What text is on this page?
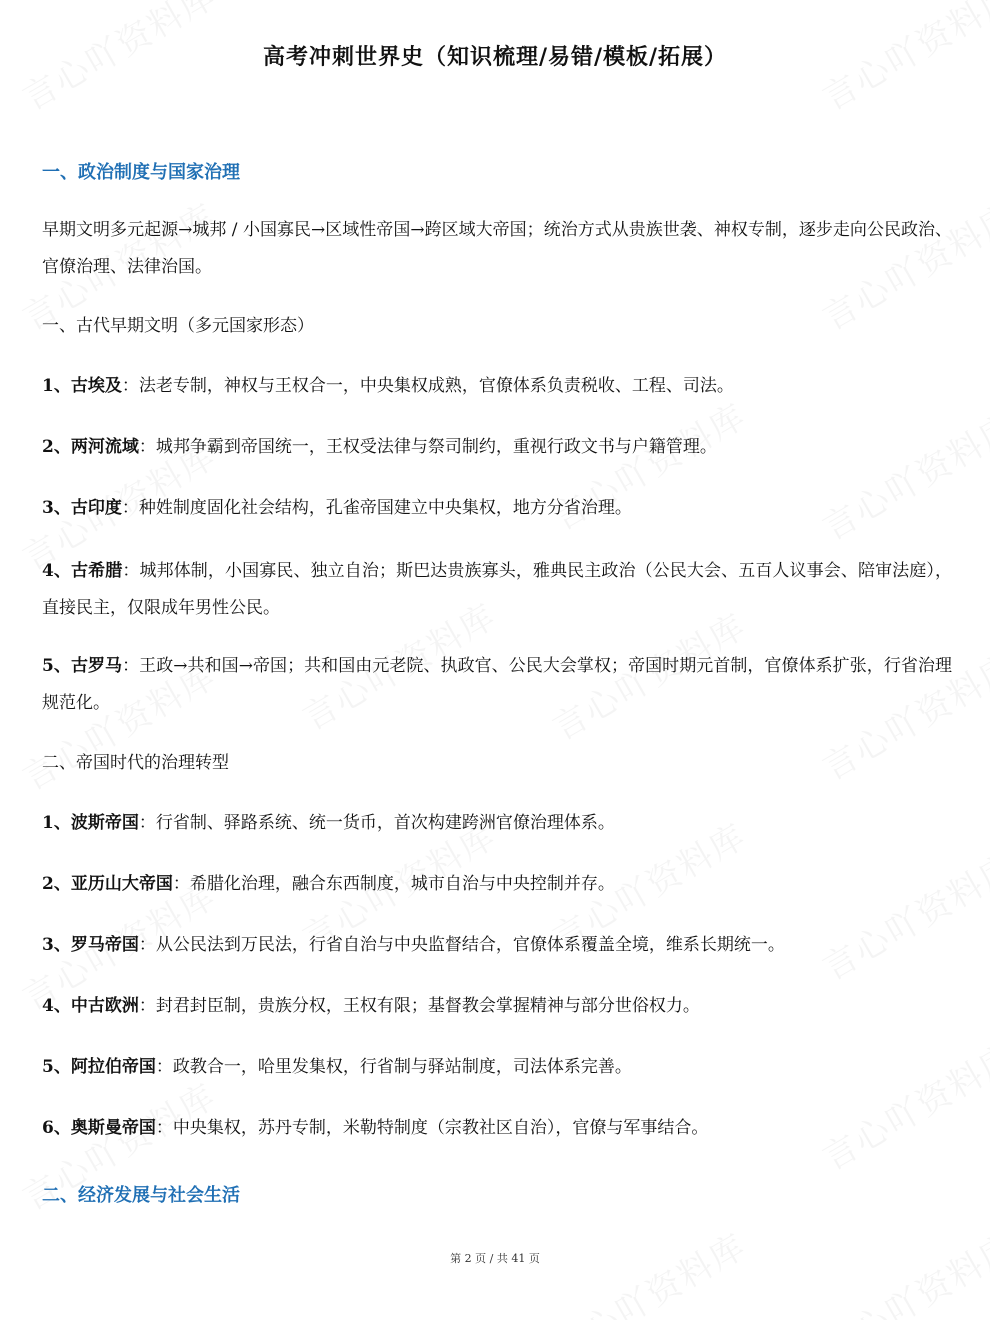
高考冲刺世界史（知识梳理/易错/模板/拓展）
一、政治制度与国家治理

早期文明多元起源→城邦 / 小国寡民→区域性帝国→跨区域大帝国；统治方式从贵族世袭、神权专制，逐步走向公民政治、官僚治理、法律治国。

一、古代早期文明（多元国家形态）

1、古埃及：法老专制，神权与王权合一，中央集权成熟，官僚体系负责税收、工程、司法。

2、两河流域：城邦争霸到帝国统一，王权受法律与祭司制约，重视行政文书与户籍管理。

3、古印度：种姓制度固化社会结构，孔雀帝国建立中央集权，地方分省治理。

4、古希腊：城邦体制，小国寡民、独立自治；斯巴达贵族寡头，雅典民主政治（公民大会、五百人议事会、陪审法庭），直接民主，仅限成年男性公民。

5、古罗马：王政→共和国→帝国；共和国由元老院、执政官、公民大会掌权；帝国时期元首制，官僚体系扩张，行省治理规范化。

二、帝国时代的治理转型

1、波斯帝国：行省制、驿路系统、统一货币，首次构建跨洲官僚治理体系。

2、亚历山大帝国：希腊化治理，融合东西制度，城市自治与中央控制并存。

3、罗马帝国：从公民法到万民法，行省自治与中央监督结合，官僚体系覆盖全境，维系长期统一。

4、中古欧洲：封君封臣制，贵族分权，王权有限；基督教会掌握精神与部分世俗权力。

5、阿拉伯帝国：政教合一，哈里发集权，行省制与驿站制度，司法体系完善。

6、奥斯曼帝国：中央集权，苏丹专制，米勒特制度（宗教社区自治），官僚与军事结合。

二、经济发展与社会生活
第 2 页 / 共 41 页
